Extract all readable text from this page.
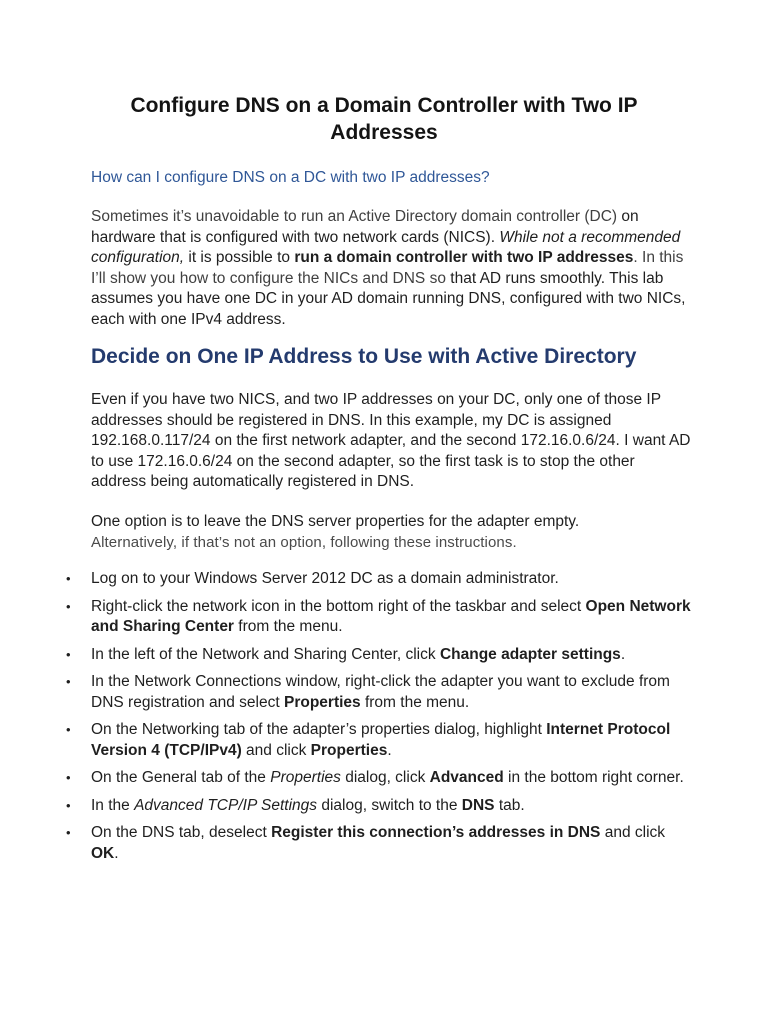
Configure DNS on a Domain Controller with Two IP Addresses
How can I configure DNS on a DC with two IP addresses?
Sometimes it’s unavoidable to run an Active Directory domain controller (DC) on hardware that is configured with two network cards (NICS). While not a recommended configuration, it is possible to run a domain controller with two IP addresses. In this I’ll show you how to configure the NICs and DNS so that AD runs smoothly. This lab assumes you have one DC in your AD domain running DNS, configured with two NICs, each with one IPv4 address.
Decide on One IP Address to Use with Active Directory
Even if you have two NICS, and two IP addresses on your DC, only one of those IP addresses should be registered in DNS. In this example, my DC is assigned 192.168.0.117/24 on the first network adapter, and the second 172.16.0.6/24. I want AD to use 172.16.0.6/24 on the second adapter, so the first task is to stop the other address being automatically registered in DNS.
One option is to leave the DNS server properties for the adapter empty.
Alternatively, if that’s not an option, following these instructions.
• Log on to your Windows Server 2012 DC as a domain administrator.
• Right-click the network icon in the bottom right of the taskbar and select Open Network and Sharing Center from the menu.
• In the left of the Network and Sharing Center, click Change adapter settings.
• In the Network Connections window, right-click the adapter you want to exclude from DNS registration and select Properties from the menu.
• On the Networking tab of the adapter’s properties dialog, highlight Internet Protocol Version 4 (TCP/IPv4) and click Properties.
• On the General tab of the Properties dialog, click Advanced in the bottom right corner.
• In the Advanced TCP/IP Settings dialog, switch to the DNS tab.
• On the DNS tab, deselect Register this connection’s addresses in DNS and click OK.
